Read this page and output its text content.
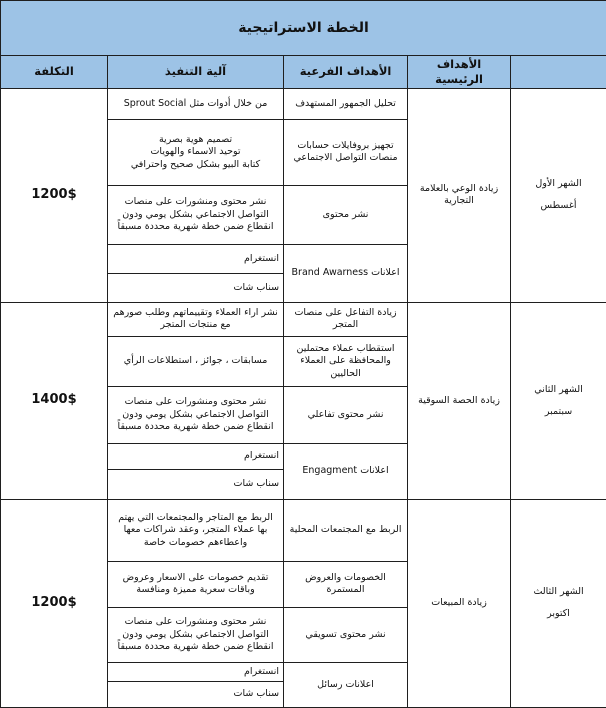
الخطة الاستراتيجية				
	الأهداف الرئيسية	الأهداف الفرعية	آلية التنفيذ	التكلفة

الشهر الأول
أغسطس	زيادة الوعي بالعلامة التجارية	تحليل الجمهور المستهدف	من خلال أدوات مثل Sprout Social	1200$
		تجهيز بروفايلات حسابات منصات التواصل الاجتماعي	تصميم هوية بصرية
توحيد الاسماء والهويات
كتابة البيو بشكل صحيح واحترافي	

		نشر محتوى	نشر محتوى ومنشورات على منصات التواصل الاجتماعي بشكل يومي ودون انقطاع ضمن خطة شهرية محددة مسبقاً	
		اعلانات Brand Awarness	انستغرام	
			سناب شات	

الشهر الثاني
سبتمبر	زيادة الحصة السوقية	زيادة التفاعل على منصات المتجر	نشر اراء العملاء وتقييماتهم وطلب صورهم مع منتجات المتجر	1400$
		استقطاب عملاء محتملين والمحافظة على العملاء الحاليين	مسابقات ، جوائز ، استطلاعات الرأي	
		نشر محتوى تفاعلي	نشر محتوى ومنشورات على منصات التواصل الاجتماعي بشكل يومي ودون انقطاع ضمن خطة شهرية محددة مسبقاً	
		اعلانات Engagment	انستغرام	
			سناب شات	

الشهر الثالث
اكتوبر	زيادة المبيعات	الربط مع المجتمعات المحلية	الربط مع المتاجر والمجتمعات التي يهتم بها عملاء المتجر، وعقد شراكات معها واعطاءهم خصومات خاصة	1200$
		الخصومات والعروض المستمرة	تقديم خصومات على الاسعار وعروض وباقات سعرية مميزة ومنافسة	
		نشر محتوى تسويقي	نشر محتوى ومنشورات على منصات التواصل الاجتماعي بشكل يومي ودون انقطاع ضمن خطة شهرية محددة مسبقاً	
		اعلانات رسائل	انستغرام	
			سناب شات	
